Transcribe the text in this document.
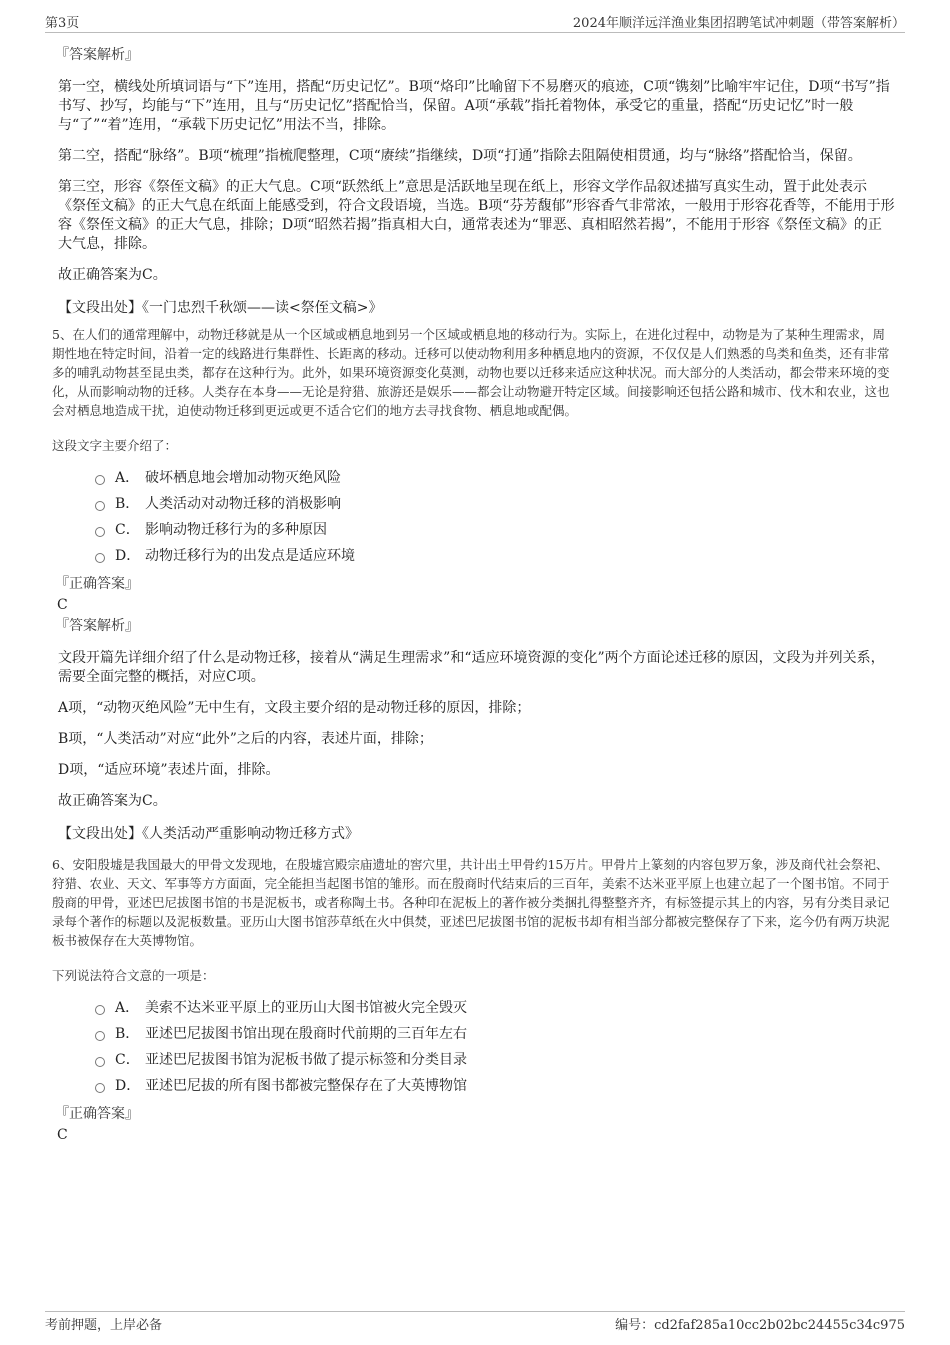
第3页	2024年顺洋远洋渔业集团招聘笔试冲刺题（带答案解析）

『答案解析』

第一空，横线处所填词语与“下”连用，搭配“历史记忆”。B项“烙印”比喻留下不易磨灭的痕迹，C项“镌刻”比喻牢牢记住，D项“书写”指书写、抄写，均能与“下”连用，且与“历史记忆”搭配恰当，保留。A项“承载”指托着物体，承受它的重量，搭配“历史记忆”时一般与“了”“着”连用，“承载下历史记忆”用法不当，排除。

第二空，搭配“脉络”。B项“梳理”指梳爬整理，C项“赓续”指继续，D项“打通”指除去阻隔使相贯通，均与“脉络”搭配恰当，保留。

第三空，形容《祭侄文稿》的正大气息。C项“跃然纸上”意思是活跃地呈现在纸上，形容文学作品叙述描写真实生动，置于此处表示《祭侄文稿》的正大气息在纸面上能感受到，符合文段语境，当选。B项“芬芳馥郁”形容香气非常浓，一般用于形容花香等，不能用于形容《祭侄文稿》的正大气息，排除；D项“昭然若揭”指真相大白，通常表述为“罪恶、真相昭然若揭”，不能用于形容《祭侄文稿》的正大气息，排除。

故正确答案为C。

【文段出处】《一门忠烈千秋颂——读<祭侄文稿>》

5、在人们的通常理解中，动物迁移就是从一个区域或栖息地到另一个区域或栖息地的移动行为。实际上，在进化过程中，动物是为了某种生理需求，周期性地在特定时间，沿着一定的线路进行集群性、长距离的移动。迁移可以使动物利用多种栖息地内的资源，不仅仅是人们熟悉的鸟类和鱼类，还有非常多的哺乳动物甚至昆虫类，都存在这种行为。此外，如果环境资源变化莫测，动物也要以迁移来适应这种状况。而大部分的人类活动，都会带来环境的变化，从而影响动物的迁移。人类存在本身——无论是狩猎、旅游还是娱乐——都会让动物避开特定区域。间接影响还包括公路和城市、伐木和农业，这也会对栖息地造成干扰，迫使动物迁移到更远或更不适合它们的地方去寻找食物、栖息地或配偶。

这段文字主要介绍了：

A． 破坏栖息地会增加动物灭绝风险
B． 人类活动对动物迁移的消极影响
C． 影响动物迁移行为的多种原因
D． 动物迁移行为的出发点是适应环境

『正确答案』

C

『答案解析』

文段开篇先详细介绍了什么是动物迁移，接着从“满足生理需求”和“适应环境资源的变化”两个方面论述迁移的原因，文段为并列关系，需要全面完整的概括，对应C项。

A项，“动物灭绝风险”无中生有，文段主要介绍的是动物迁移的原因，排除；

B项，“人类活动”对应“此外”之后的内容，表述片面，排除；

D项，“适应环境”表述片面，排除。

故正确答案为C。

【文段出处】《人类活动严重影响动物迁移方式》

6、安阳殷墟是我国最大的甲骨文发现地，在殷墟宫殿宗庙遗址的窖穴里，共计出土甲骨约15万片。甲骨片上篆刻的内容包罗万象，涉及商代社会祭祀、狩猎、农业、天文、军事等方方面面，完全能担当起图书馆的雏形。而在殷商时代结束后的三百年，美索不达米亚平原上也建立起了一个图书馆。不同于殷商的甲骨，亚述巴尼拔图书馆的书是泥板书，或者称陶土书。各种印在泥板上的著作被分类捆扎得整整齐齐，有标签提示其上的内容，另有分类目录记录每个著作的标题以及泥板数量。亚历山大图书馆莎草纸在火中俱焚，亚述巴尼拔图书馆的泥板书却有相当部分都被完整保存了下来，迄今仍有两万块泥板书被保存在大英博物馆。

下列说法符合文意的一项是：

A． 美索不达米亚平原上的亚历山大图书馆被火完全毁灭
B． 亚述巴尼拔图书馆出现在殷商时代前期的三百年左右
C． 亚述巴尼拔图书馆为泥板书做了提示标签和分类目录
D． 亚述巴尼拔的所有图书都被完整保存在了大英博物馆

『正确答案』

C

考前押题，上岸必备	编号：cd2faf285a10cc2b02bc24455c34c975
